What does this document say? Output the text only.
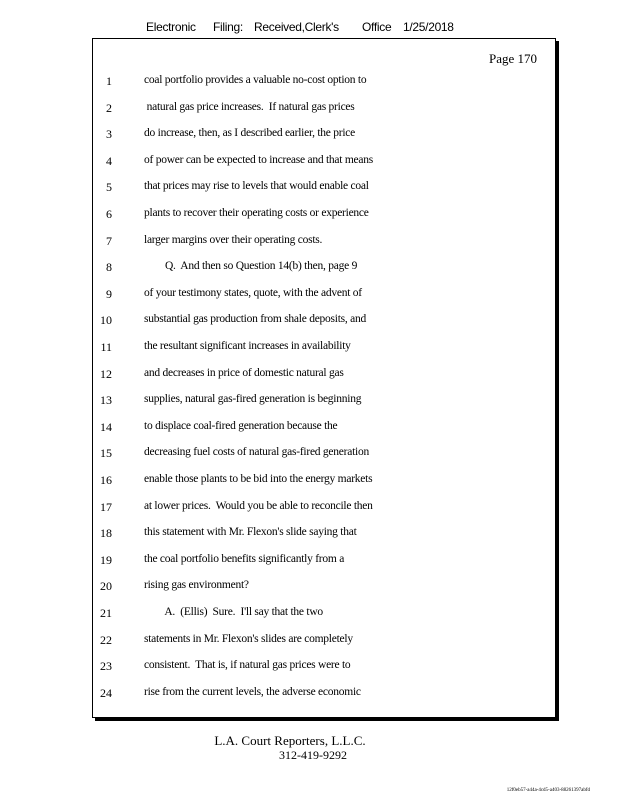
Electronic Filing: Received,Clerk's Office 1/25/2018
Page 170
1	coal portfolio provides a valuable no-cost option to
2	natural gas price increases.  If natural gas prices
3	do increase, then, as I described earlier, the price
4	of power can be expected to increase and that means
5	that prices may rise to levels that would enable coal
6	plants to recover their operating costs or experience
7	larger margins over their operating costs.
8	Q.  And then so Question 14(b) then, page 9
9	of your testimony states, quote, with the advent of
10	substantial gas production from shale deposits, and
11	the resultant significant increases in availability
12	and decreases in price of domestic natural gas
13	supplies, natural gas-fired generation is beginning
14	to displace coal-fired generation because the
15	decreasing fuel costs of natural gas-fired generation
16	enable those plants to be bid into the energy markets
17	at lower prices.  Would you be able to reconcile then
18	this statement with Mr. Flexon's slide saying that
19	the coal portfolio benefits significantly from a
20	rising gas environment?
21	A.  (Ellis)  Sure.  I'll say that the two
22	statements in Mr. Flexon's slides are completely
23	consistent.  That is, if natural gas prices were to
24	rise from the current levels, the adverse economic
L.A. Court Reporters, L.L.C.
312-419-9292
12f0eb57-a44a-4cd5-a403-88261397abfd
